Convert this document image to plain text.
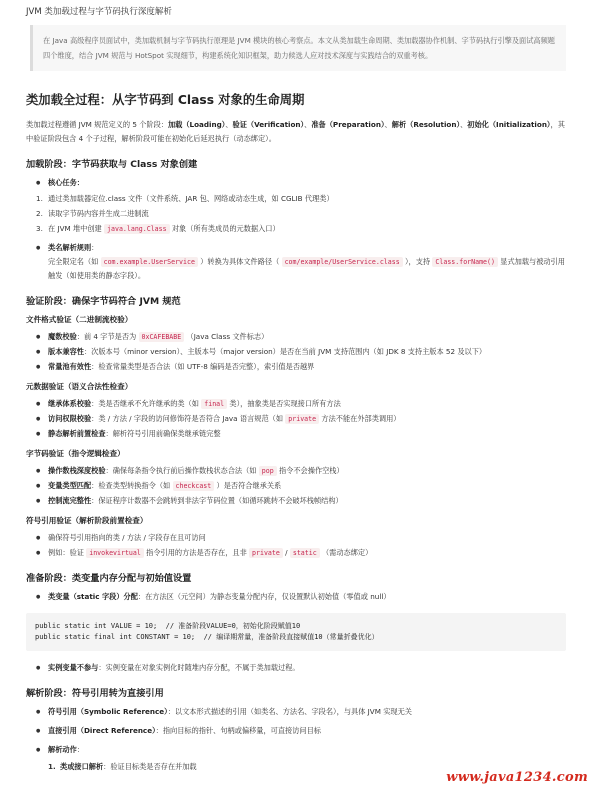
JVM 类加载过程与字节码执行深度解析
在 Java 高级程序员面试中，类加载机制与字节码执行原理是 JVM 模块的核心考察点。本文从类加载生命周期、类加载器协作机制、字节码执行引擎及面试高频题四个维度，结合 JVM 规范与 HotSpot 实现细节，构建系统化知识框架，助力候选人应对技术深度与实践结合的双重考核。
类加载全过程：从字节码到 Class 对象的生命周期

类加载过程遵循 JVM 规范定义的 5 个阶段：加载（Loading）、验证（Verification）、准备（Preparation）、解析（Resolution）、初始化（Initialization），其中验证阶段包含 4 个子过程，解析阶段可能在初始化后延迟执行（动态绑定）。

加载阶段：字节码获取与 Class 对象创建
● 核心任务：
1. 通过类加载器定位.class 文件（文件系统、JAR 包、网络或动态生成，如 CGLIB 代理类）
2. 读取字节码内容并生成二进制流
3. 在 JVM 堆中创建 java.lang.Class 对象（所有类成员的元数据入口）
● 类名解析规则：
完全限定名（如 com.example.UserService ）转换为具体文件路径（ com/example/UserService.class ），支持 Class.forName() 显式加载与被动引用触发（如使用类的静态字段）。
验证阶段：确保字节码符合 JVM 规范
文件格式验证（二进制流校验）
● 魔数校验：前 4 字节是否为 0xCAFEBABE （Java Class 文件标志）
● 版本兼容性：次版本号（minor version）、主版本号（major version）是否在当前 JVM 支持范围内（如 JDK 8 支持主版本 52 及以下）
● 常量池有效性：检查常量类型是否合法（如 UTF-8 编码是否完整），索引值是否越界
元数据验证（语义合法性检查）
● 继承体系校验：类是否继承不允许继承的类（如 final 类），抽象类是否实现接口所有方法
● 访问权限校验：类 / 方法 / 字段的访问修饰符是否符合 Java 语言规范（如 private 方法不能在外部类调用）
● 静态解析前置检查：解析符号引用前确保类继承链完整
字节码验证（指令逻辑检查）
● 操作数栈深度校验：确保每条指令执行前后操作数栈状态合法（如 pop 指令不会操作空栈）
● 变量类型匹配：检查类型转换指令（如 checkcast ）是否符合继承关系
● 控制流完整性：保证程序计数器不会跳转到非法字节码位置（如循环跳转不会破坏栈帧结构）
符号引用验证（解析阶段前置检查）
● 确保符号引用指向的类 / 方法 / 字段存在且可访问
● 例如：验证 invokevirtual 指令引用的方法是否存在，且非 private / static （需动态绑定）
准备阶段：类变量内存分配与初始值设置
● 类变量（static 字段）分配：在方法区（元空间）为静态变量分配内存，仅设置默认初始值（零值或 null）
public static int VALUE = 10;  // 准备阶段VALUE=0，初始化阶段赋值10
public static final int CONSTANT = 10;  // 编译期常量，准备阶段直接赋值10（常量折叠优化）
● 实例变量不参与：实例变量在对象实例化时随堆内存分配，不属于类加载过程。
解析阶段：符号引用转为直接引用
● 符号引用（Symbolic Reference）：以文本形式描述的引用（如类名、方法名、字段名），与具体 JVM 实现无关
● 直接引用（Direct Reference）：指向目标的指针、句柄或偏移量，可直接访问目标
● 解析动作：
1. 类或接口解析：验证目标类是否存在并加载
www.java1234.com
